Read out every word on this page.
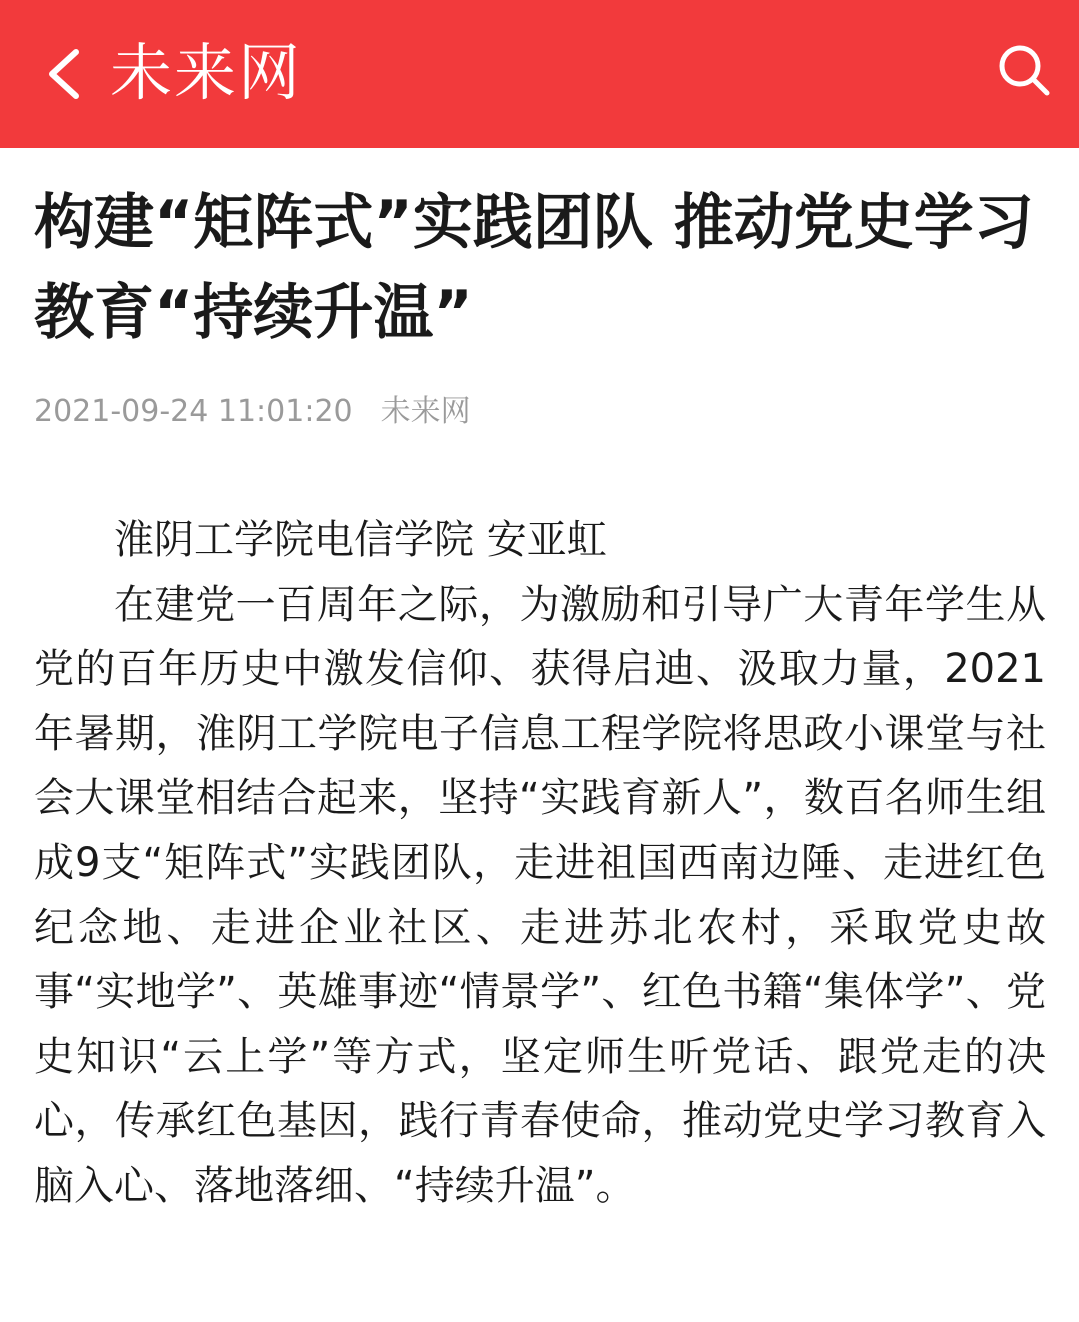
未来网
构建“矩阵式”实践团队 推动党史学习教育“持续升温”
2021-09-24 11:01:20 未来网

淮阴工学院电信学院 安亚虹

在建党一百周年之际，为激励和引导广大青年学生从党的百年历史中激发信仰、获得启迪、汲取力量，2021年暑期，淮阴工学院电子信息工程学院将思政小课堂与社会大课堂相结合起来，坚持“实践育新人”，数百名师生组成9支“矩阵式”实践团队，走进祖国西南边陲、走进红色纪念地、走进企业社区、走进苏北农村，采取党史故事“实地学”、英雄事迹“情景学”、红色书籍“集体学”、党史知识“云上学”等方式，坚定师生听党话、跟党走的决心，传承红色基因，践行青春使命，推动党史学习教育入脑入心、落地落细、“持续升温”。
